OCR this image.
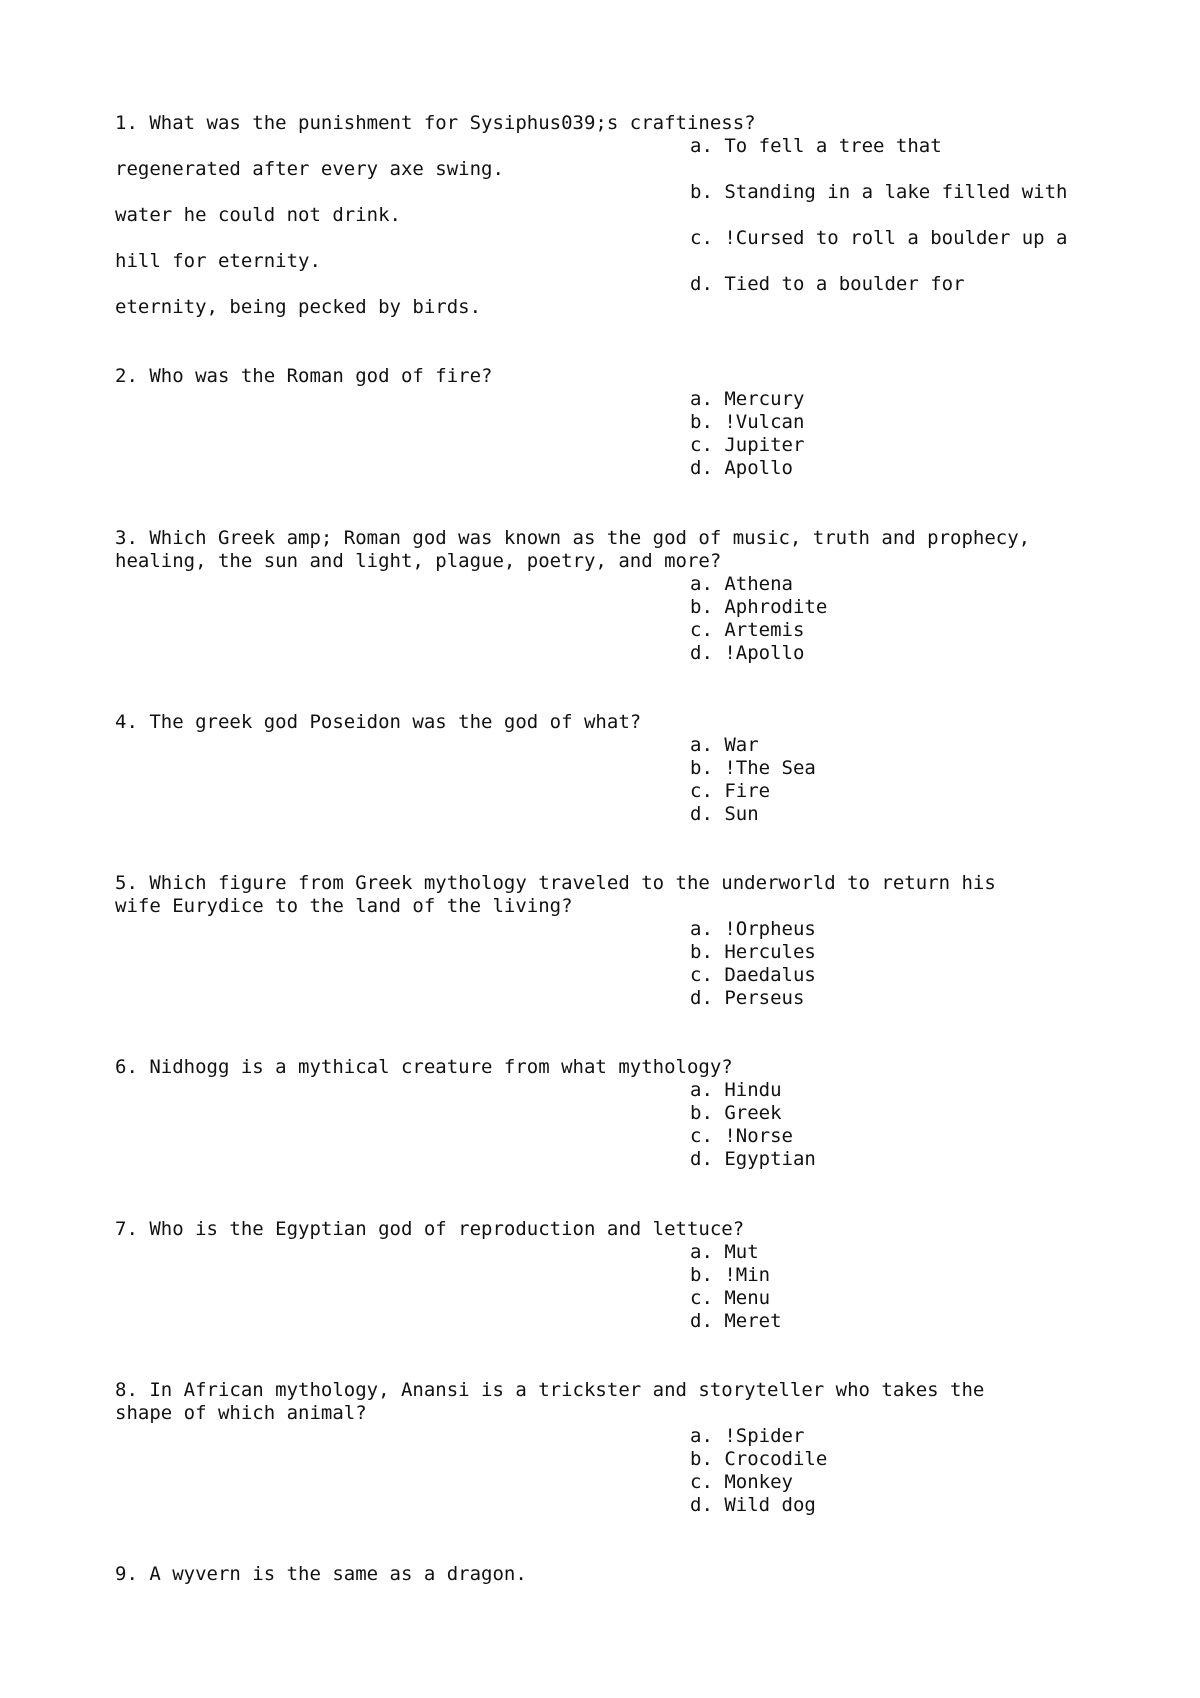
1. What was the punishment for Sysiphus039;s craftiness?

a. To fell a tree that

regenerated after every axe swing.

b. Standing in a lake filled with

water he could not drink.

c. !Cursed to roll a boulder up a

hill for eternity.

d. Tied to a boulder for

eternity, being pecked by birds.

2. Who was the Roman god of fire?

a. Mercury

b. !Vulcan

c. Jupiter

d. Apollo

3. Which Greek amp; Roman god was known as the god of music, truth and prophecy,

healing, the sun and light, plague, poetry, and more?

a. Athena

b. Aphrodite

c. Artemis

d. !Apollo

4. The greek god Poseidon was the god of what?

a. War

b. !The Sea

c. Fire

d. Sun

5. Which figure from Greek mythology traveled to the underworld to return his

wife Eurydice to the land of the living?

a. !Orpheus

b. Hercules

c. Daedalus

d. Perseus

6. Nidhogg is a mythical creature from what mythology?

a. Hindu

b. Greek

c. !Norse

d. Egyptian

7. Who is the Egyptian god of reproduction and lettuce?

a. Mut

b. !Min

c. Menu

d. Meret

8. In African mythology, Anansi is a trickster and storyteller who takes the

shape of which animal?

a. !Spider

b. Crocodile

c. Monkey

d. Wild dog

9. A wyvern is the same as a dragon.
